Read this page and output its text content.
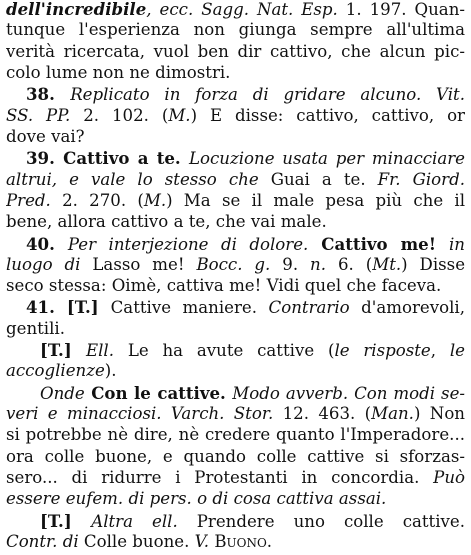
dell'incredibile, ecc. Sagg. Nat. Esp. 1. 197. Quan-
tunque l'esperienza non giunga sempre all'ultima
verità ricercata, vuol ben dir cattivo, che alcun pic-
colo lume non ne dimostri.
38. Replicato in forza di gridare alcuno. Vit.
SS. PP. 2. 102. (M.) E disse: cattivo, cattivo, or
dove vai?
39. Cattivo a te. Locuzione usata per minacciare
altrui, e vale lo stesso che Guai a te. Fr. Giord.
Pred. 2. 270. (M.) Ma se il male pesa più che il
bene, allora cattivo a te, che vai male.
40. Per interjezione di dolore. Cattivo me! in
luogo di Lasso me! Bocc. g. 9. n. 6. (Mt.) Disse
seco stessa: Oimè, cattiva me! Vidi quel che faceva.
41. [T.] Cattive maniere. Contrario d'amorevoli,
gentili.
[T.] Ell. Le ha avute cattive (le risposte, le
accoglienze).
Onde Con le cattive. Modo avverb. Con modi se-
veri e minacciosi. Varch. Stor. 12. 463. (Man.) Non
si potrebbe nè dire, nè credere quanto l'Imperadore...
ora colle buone, e quando colle cattive si sforzas-
sero... di ridurre i Protestanti in concordia. Può
essere eufem. di pers. o di cosa cattiva assai.
[T.] Altra ell. Prendere uno colle cattive.
Contr. di Colle buone. V. Buono.
